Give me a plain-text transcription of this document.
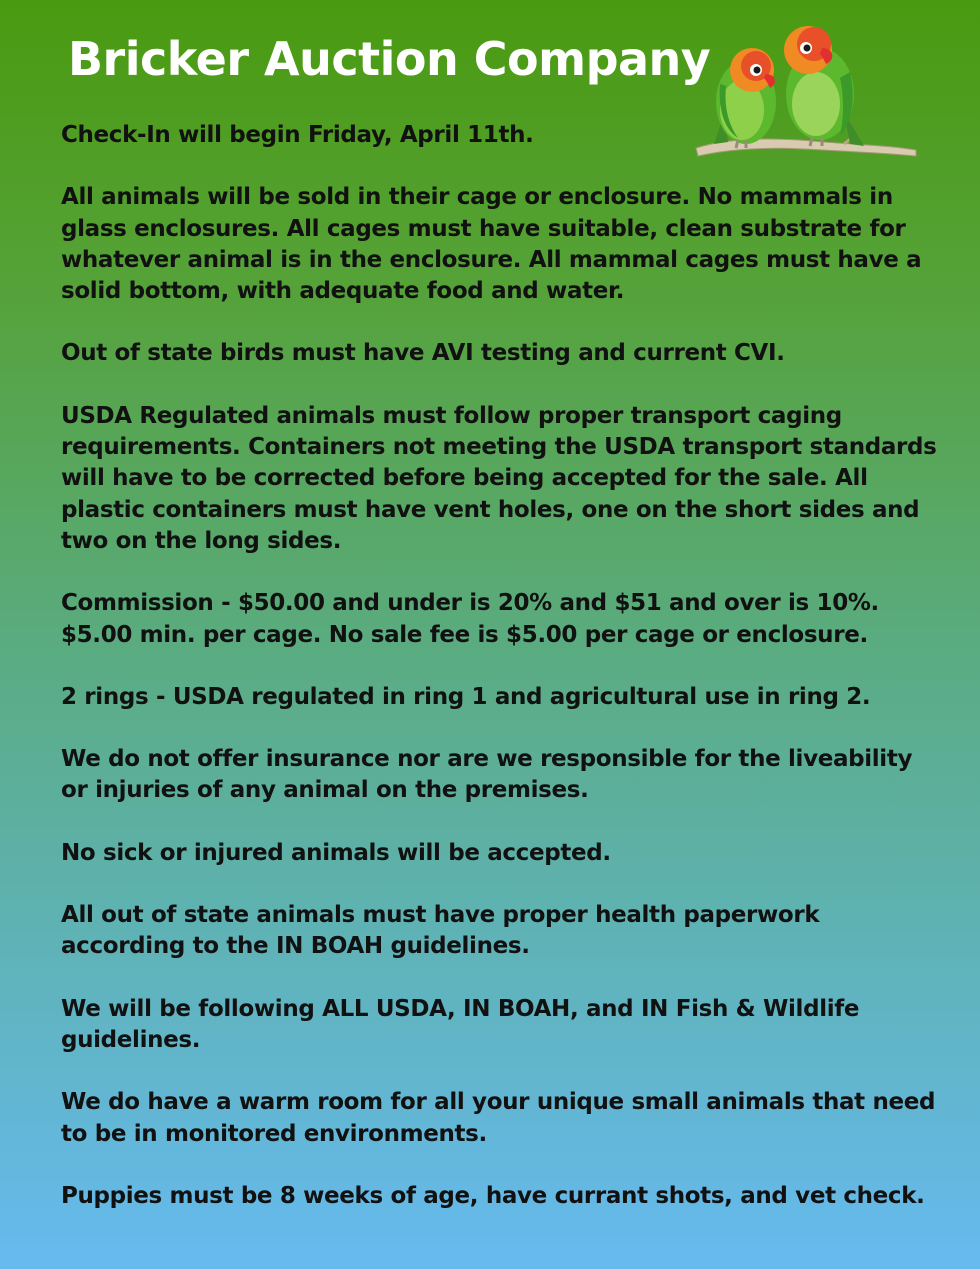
Bricker Auction Company

Check-In will begin Friday, April 11th.

All animals will be sold in their cage or enclosure. No mammals in glass enclosures. All cages must have suitable, clean substrate for whatever animal is in the enclosure. All mammal cages must have a solid bottom, with adequate food and water.

Out of state birds must have AVI testing and current CVI.

USDA Regulated animals must follow proper transport caging requirements. Containers not meeting the USDA transport standards will have to be corrected before being accepted for the sale. All plastic containers must have vent holes, one on the short sides and two on the long sides.

Commission - $50.00 and under is 20% and $51 and over is 10%. $5.00 min. per cage. No sale fee is $5.00 per cage or enclosure.

2 rings - USDA regulated in ring 1 and agricultural use in ring 2.

We do not offer insurance nor are we responsible for the liveability or injuries of any animal on the premises.

No sick or injured animals will be accepted.

All out of state animals must have proper health paperwork according to the IN BOAH guidelines.

We will be following ALL USDA, IN BOAH, and IN Fish & Wildlife guidelines.

We do have a warm room for all your unique small animals that need to be in monitored environments.

Puppies must be 8 weeks of age, have currant shots, and vet check.
